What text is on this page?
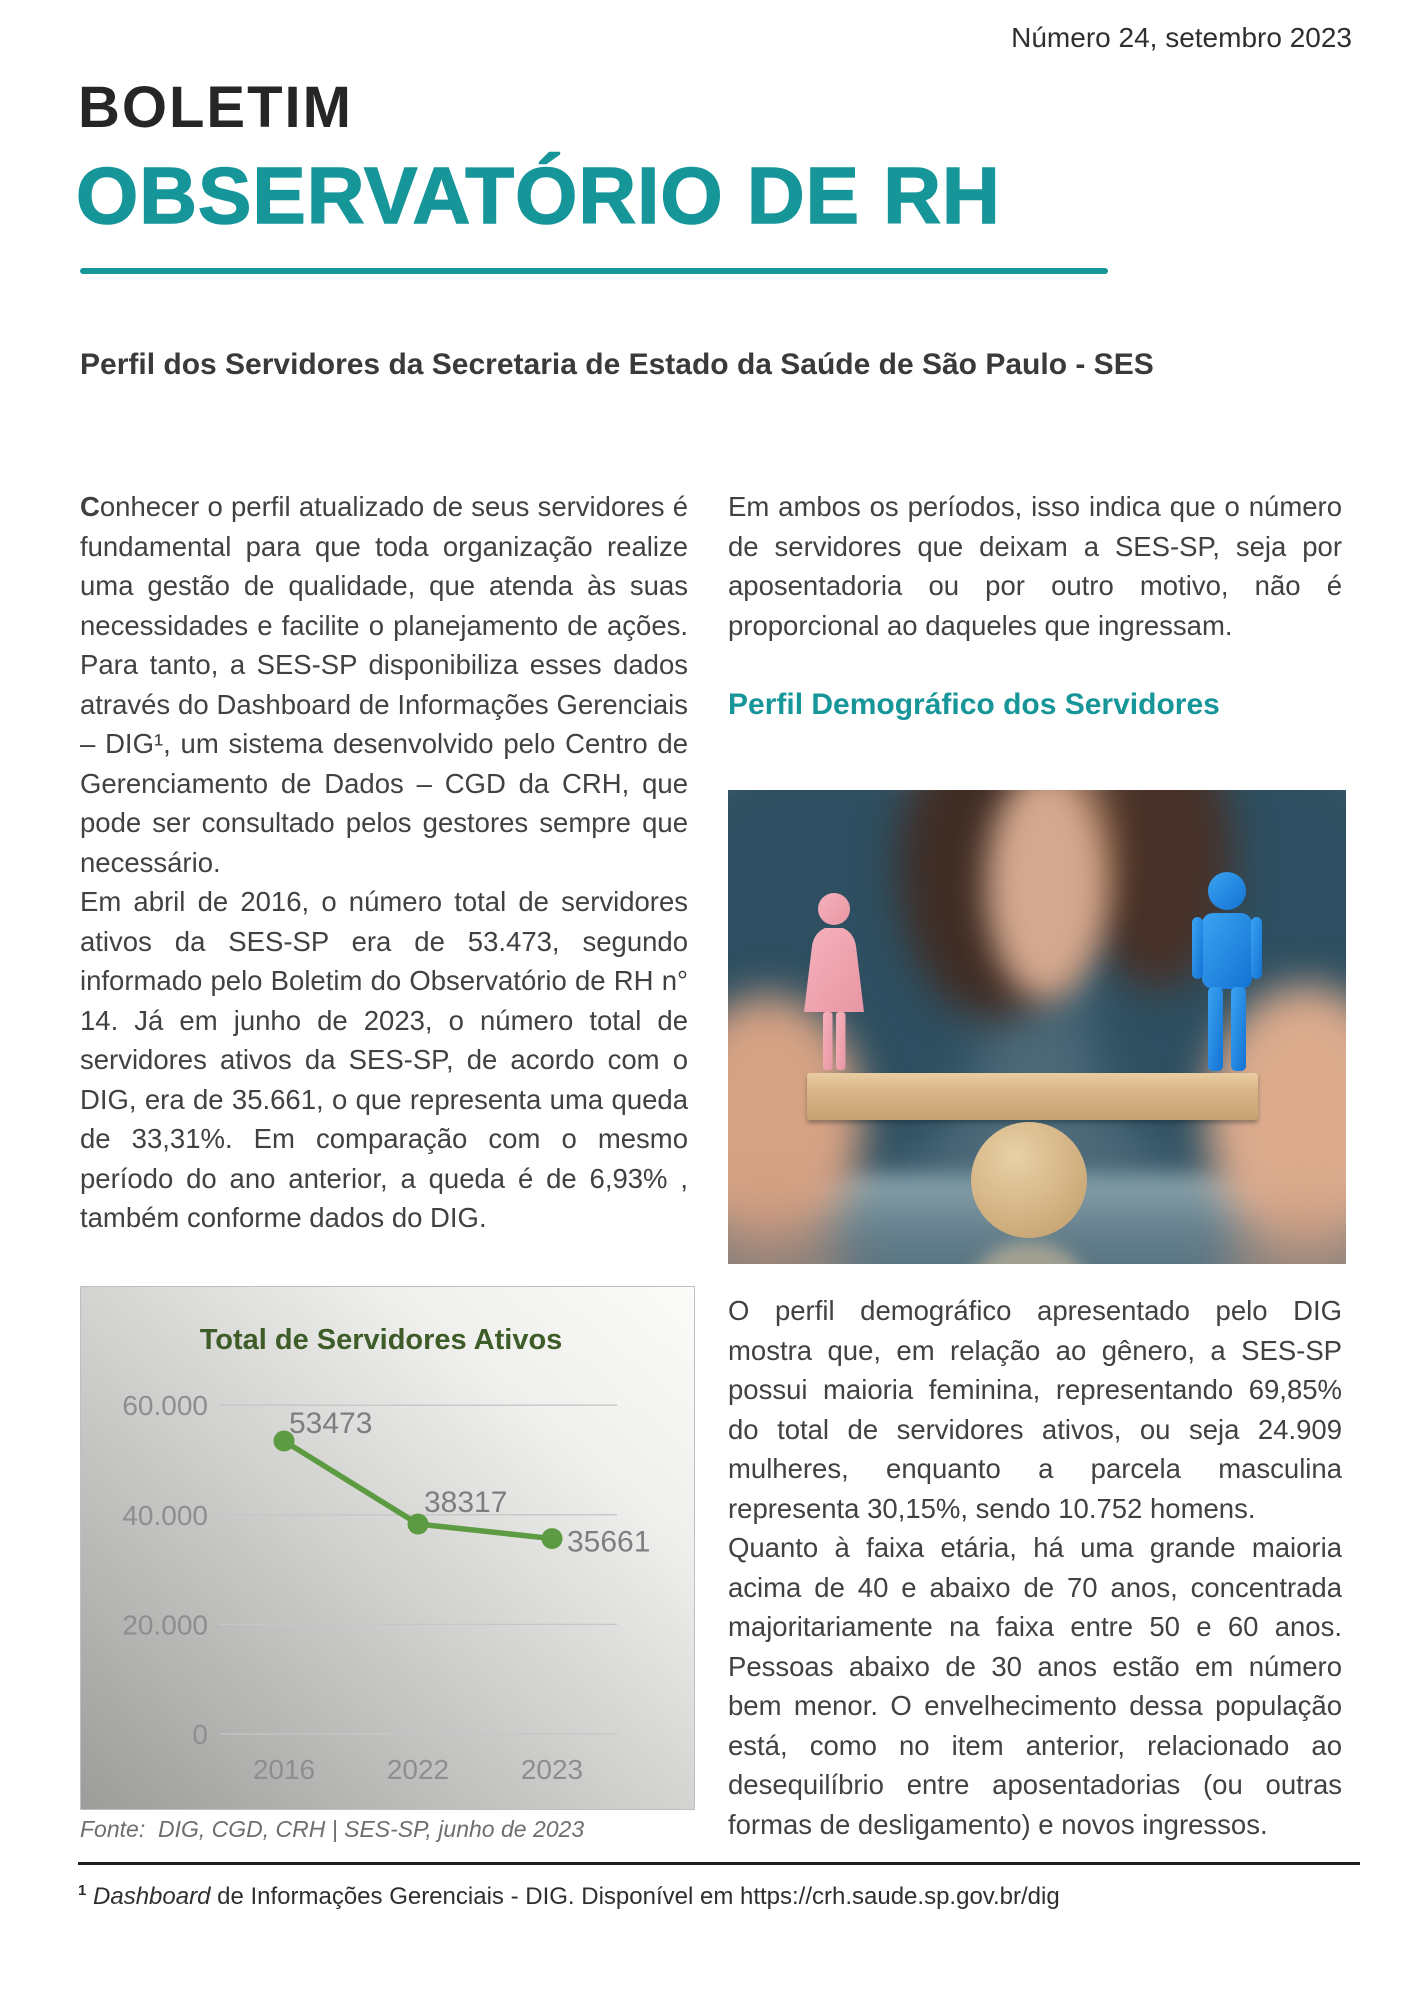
Número 24, setembro 2023
BOLETIM
OBSERVATÓRIO DE RH
Perfil dos Servidores da Secretaria de Estado da Saúde de São Paulo - SES

Conhecer o perfil atualizado de seus servidores é fundamental para que toda organização realize uma gestão de qualidade, que atenda às suas necessidades e facilite o planejamento de ações. Para tanto, a SES-SP disponibiliza esses dados através do Dashboard de Informações Gerenciais – DIG¹, um sistema desenvolvido pelo Centro de Gerenciamento de Dados – CGD da CRH, que pode ser consultado pelos gestores sempre que necessário.

Em abril de 2016, o número total de servidores ativos da SES-SP era de 53.473, segundo informado pelo Boletim do Observatório de RH n° 14. Já em junho de 2023, o número total de servidores ativos da SES-SP, de acordo com o DIG, era de 35.661, o que representa uma queda de 33,31%. Em comparação com o mesmo período do ano anterior, a queda é de 6,93% , também conforme dados do DIG.

Em ambos os períodos, isso indica que o número de servidores que deixam a SES-SP, seja por aposentadoria ou por outro motivo, não é proporcional ao daqueles que ingressam.

Perfil Demográfico dos Servidores

O perfil demográfico apresentado pelo DIG mostra que, em relação ao gênero, a SES-SP possui maioria feminina, representando 69,85% do total de servidores ativos, ou seja 24.909 mulheres, enquanto a parcela masculina representa 30,15%, sendo 10.752 homens.

Quanto à faixa etária, há uma grande maioria acima de 40 e abaixo de 70 anos, concentrada majoritariamente na faixa entre 50 e 60 anos. Pessoas abaixo de 30 anos estão em número bem menor. O envelhecimento dessa população está, como no item anterior, relacionado ao desequilíbrio entre aposentadorias (ou outras formas de desligamento) e novos ingressos.

Total de Servidores Ativos
60.000
40.000
20.000
0
53473
38317
35661
2016	2022	2023
Fonte:  DIG, CGD, CRH | SES-SP, junho de 2023
$^1$ Dashboard de Informações Gerenciais - DIG. Disponível em https://crh.saude.sp.gov.br/dig
